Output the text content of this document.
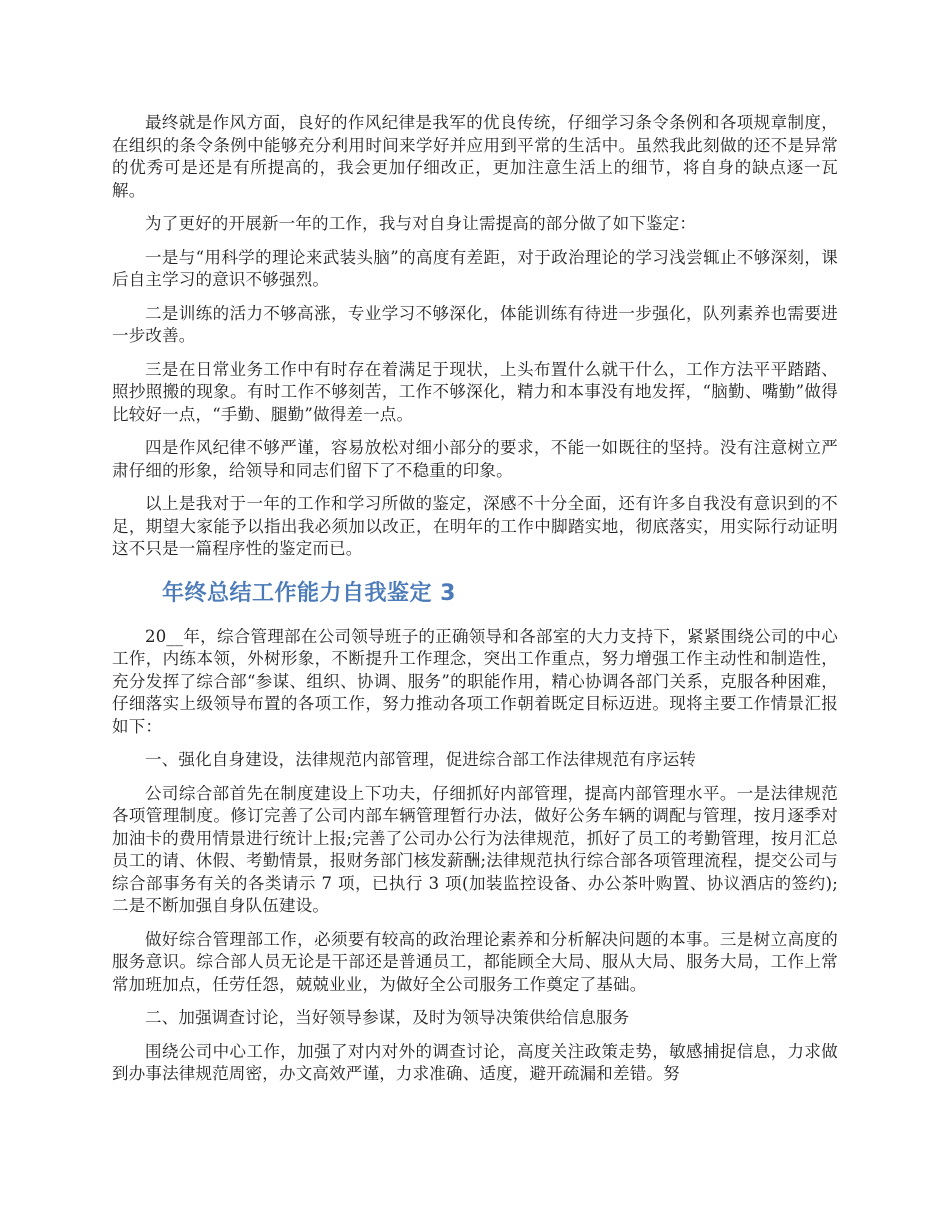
最终就是作风方面，良好的作风纪律是我军的优良传统，仔细学习条令条例和各项规章制度，在组织的条令条例中能够充分利用时间来学好并应用到平常的生活中。虽然我此刻做的还不是异常的优秀可是还是有所提高的，我会更加仔细改正，更加注意生活上的细节，将自身的缺点逐一瓦解。

为了更好的开展新一年的工作，我与对自身让需提高的部分做了如下鉴定：

一是与“用科学的理论来武装头脑”的高度有差距，对于政治理论的学习浅尝辄止不够深刻，课后自主学习的意识不够强烈。

二是训练的活力不够高涨，专业学习不够深化，体能训练有待进一步强化，队列素养也需要进一步改善。

三是在日常业务工作中有时存在着满足于现状，上头布置什么就干什么，工作方法平平踏踏、照抄照搬的现象。有时工作不够刻苦，工作不够深化，精力和本事没有地发挥，“脑勤、嘴勤”做得比较好一点，“手勤、腿勤”做得差一点。

四是作风纪律不够严谨，容易放松对细小部分的要求，不能一如既往的坚持。没有注意树立严肃仔细的形象，给领导和同志们留下了不稳重的印象。

以上是我对于一年的工作和学习所做的鉴定，深感不十分全面，还有许多自我没有意识到的不足，期望大家能予以指出我必须加以改正，在明年的工作中脚踏实地，彻底落实，用实际行动证明这不只是一篇程序性的鉴定而已。

年终总结工作能力自我鉴定 3

20__年，综合管理部在公司领导班子的正确领导和各部室的大力支持下，紧紧围绕公司的中心工作，内练本领，外树形象，不断提升工作理念，突出工作重点，努力增强工作主动性和制造性，充分发挥了综合部“参谋、组织、协调、服务”的职能作用，精心协调各部门关系，克服各种困难，仔细落实上级领导布置的各项工作，努力推动各项工作朝着既定目标迈进。现将主要工作情景汇报如下：

一、强化自身建设，法律规范内部管理，促进综合部工作法律规范有序运转

公司综合部首先在制度建设上下功夫，仔细抓好内部管理，提高内部管理水平。一是法律规范各项管理制度。修订完善了公司内部车辆管理暂行办法，做好公务车辆的调配与管理，按月逐季对加油卡的费用情景进行统计上报;完善了公司办公行为法律规范，抓好了员工的考勤管理，按月汇总员工的请、休假、考勤情景，报财务部门核发薪酬;法律规范执行综合部各项管理流程，提交公司与综合部事务有关的各类请示 7 项，已执行 3 项(加装监控设备、办公茶叶购置、协议酒店的签约);二是不断加强自身队伍建设。

做好综合管理部工作，必须要有较高的政治理论素养和分析解决问题的本事。三是树立高度的服务意识。综合部人员无论是干部还是普通员工，都能顾全大局、服从大局、服务大局，工作上常常加班加点，任劳任怨，兢兢业业，为做好全公司服务工作奠定了基础。

二、加强调查讨论，当好领导参谋，及时为领导决策供给信息服务

围绕公司中心工作，加强了对内对外的调查讨论，高度关注政策走势，敏感捕捉信息，力求做到办事法律规范周密，办文高效严谨，力求准确、适度，避开疏漏和差错。努
